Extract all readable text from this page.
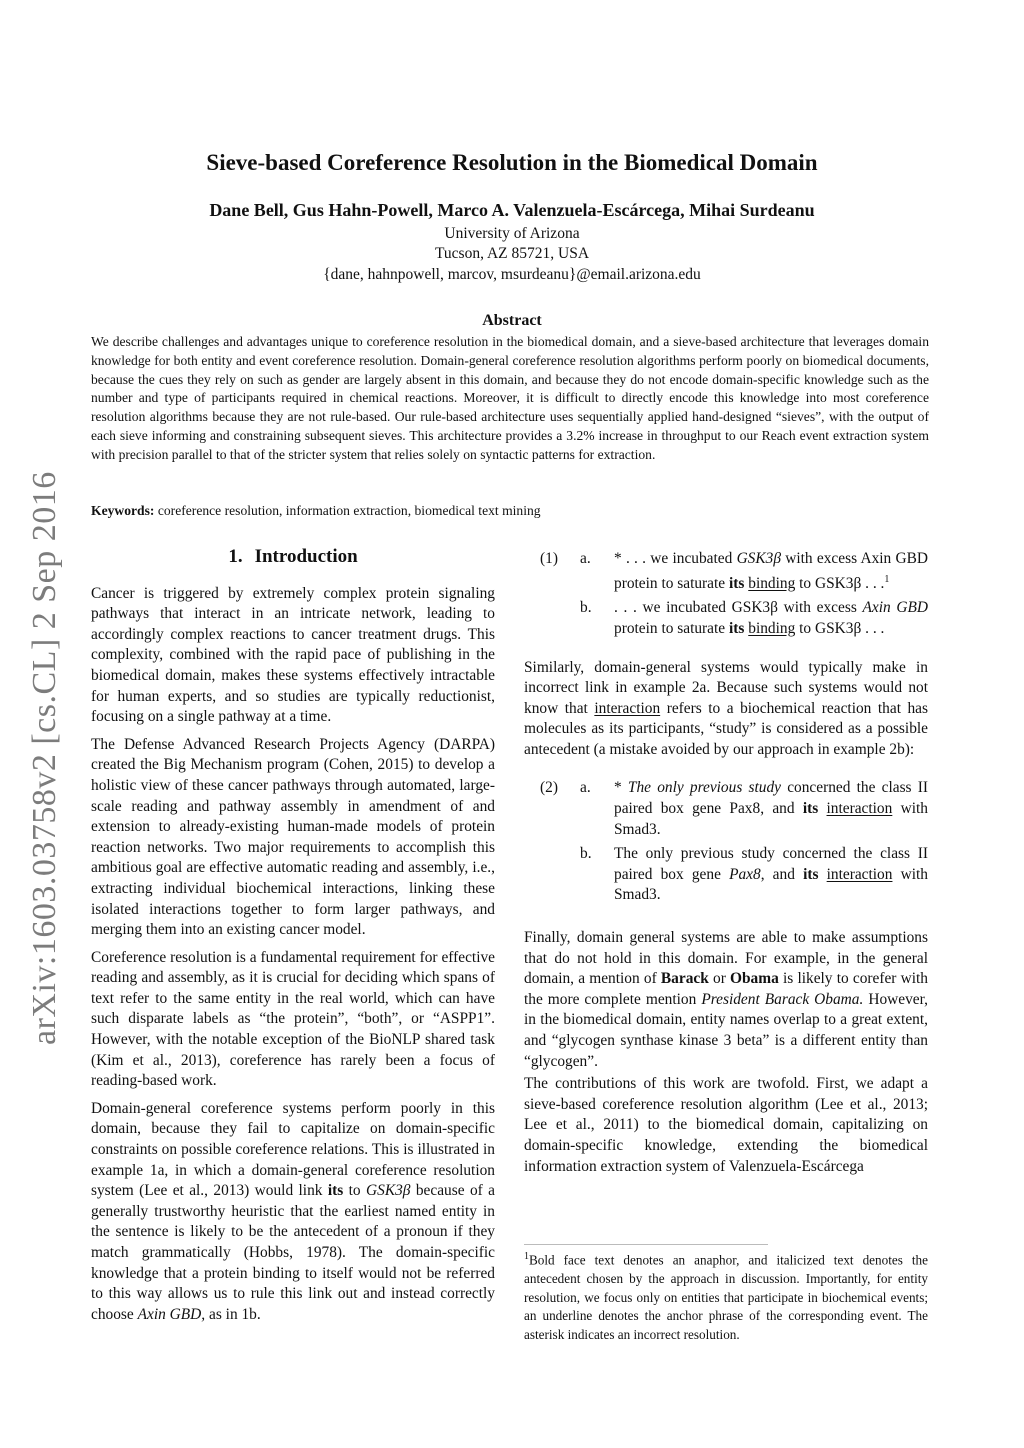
arXiv:1603.03758v2 [cs.CL] 2 Sep 2016
Sieve-based Coreference Resolution in the Biomedical Domain
Dane Bell, Gus Hahn-Powell, Marco A. Valenzuela-Escárcega, Mihai Surdeanu
University of Arizona
Tucson, AZ 85721, USA
{dane, hahnpowell, marcov, msurdeanu}@email.arizona.edu
Abstract
We describe challenges and advantages unique to coreference resolution in the biomedical domain, and a sieve-based architecture that leverages domain knowledge for both entity and event coreference resolution. Domain-general coreference resolution algorithms perform poorly on biomedical documents, because the cues they rely on such as gender are largely absent in this domain, and because they do not encode domain-specific knowledge such as the number and type of participants required in chemical reactions. Moreover, it is difficult to directly encode this knowledge into most coreference resolution algorithms because they are not rule-based. Our rule-based architecture uses sequentially applied hand-designed “sieves”, with the output of each sieve informing and constraining subsequent sieves. This architecture provides a 3.2% increase in throughput to our Reach event extraction system with precision parallel to that of the stricter system that relies solely on syntactic patterns for extraction.
Keywords: coreference resolution, information extraction, biomedical text mining
1. Introduction

Cancer is triggered by extremely complex protein signaling pathways that interact in an intricate network, leading to accordingly complex reactions to cancer treatment drugs. This complexity, combined with the rapid pace of publishing in the biomedical domain, makes these systems effectively intractable for human experts, and so studies are typically reductionist, focusing on a single pathway at a time.

The Defense Advanced Research Projects Agency (DARPA) created the Big Mechanism program (Cohen, 2015) to develop a holistic view of these cancer pathways through automated, large-scale reading and pathway assembly in amendment of and extension to already-existing human-made models of protein reaction networks. Two major requirements to accomplish this ambitious goal are effective automatic reading and assembly, i.e., extracting individual biochemical interactions, linking these isolated interactions together to form larger pathways, and merging them into an existing cancer model.

Coreference resolution is a fundamental requirement for effective reading and assembly, as it is crucial for deciding which spans of text refer to the same entity in the real world, which can have such disparate labels as “the protein”, “both”, or “ASPP1”. However, with the notable exception of the BioNLP shared task (Kim et al., 2013), coreference has rarely been a focus of reading-based work.

Domain-general coreference systems perform poorly in this domain, because they fail to capitalize on domain-specific constraints on possible coreference relations. This is illustrated in example 1a, in which a domain-general coreference resolution system (Lee et al., 2013) would link its to GSK3β because of a generally trustworthy heuristic that the earliest named entity in the sentence is likely to be the antecedent of a pronoun if they match grammatically (Hobbs, 1978). The domain-specific knowledge that a protein binding to itself would not be referred to this way allows us to rule this link out and instead correctly choose Axin GBD, as in 1b.

(1) a. * . . . we incubated GSK3β with excess Axin GBD protein to saturate its binding to GSK3β . . .$^1$
b. . . . we incubated GSK3β with excess Axin GBD protein to saturate its binding to GSK3β . . .

Similarly, domain-general systems would typically make in incorrect link in example 2a. Because such systems would not know that interaction refers to a biochemical reaction that has molecules as its participants, “study” is considered as a possible antecedent (a mistake avoided by our approach in example 2b):

(2) a. * The only previous study concerned the class II paired box gene Pax8, and its interaction with Smad3.
b. The only previous study concerned the class II paired box gene Pax8, and its interaction with Smad3.

Finally, domain general systems are able to make assumptions that do not hold in this domain. For example, in the general domain, a mention of Barack or Obama is likely to corefer with the more complete mention President Barack Obama. However, in the biomedical domain, entity names overlap to a great extent, and “glycogen synthase kinase 3 beta” is a different entity than “glycogen”.

The contributions of this work are twofold. First, we adapt a sieve-based coreference resolution algorithm (Lee et al., 2013; Lee et al., 2011) to the biomedical domain, capitalizing on domain-specific knowledge, extending the biomedical information extraction system of Valenzuela-Escárcega

$^1$Bold face text denotes an anaphor, and italicized text denotes the antecedent chosen by the approach in discussion. Importantly, for entity resolution, we focus only on entities that participate in biochemical events; an underline denotes the anchor phrase of the corresponding event. The asterisk indicates an incorrect resolution.
